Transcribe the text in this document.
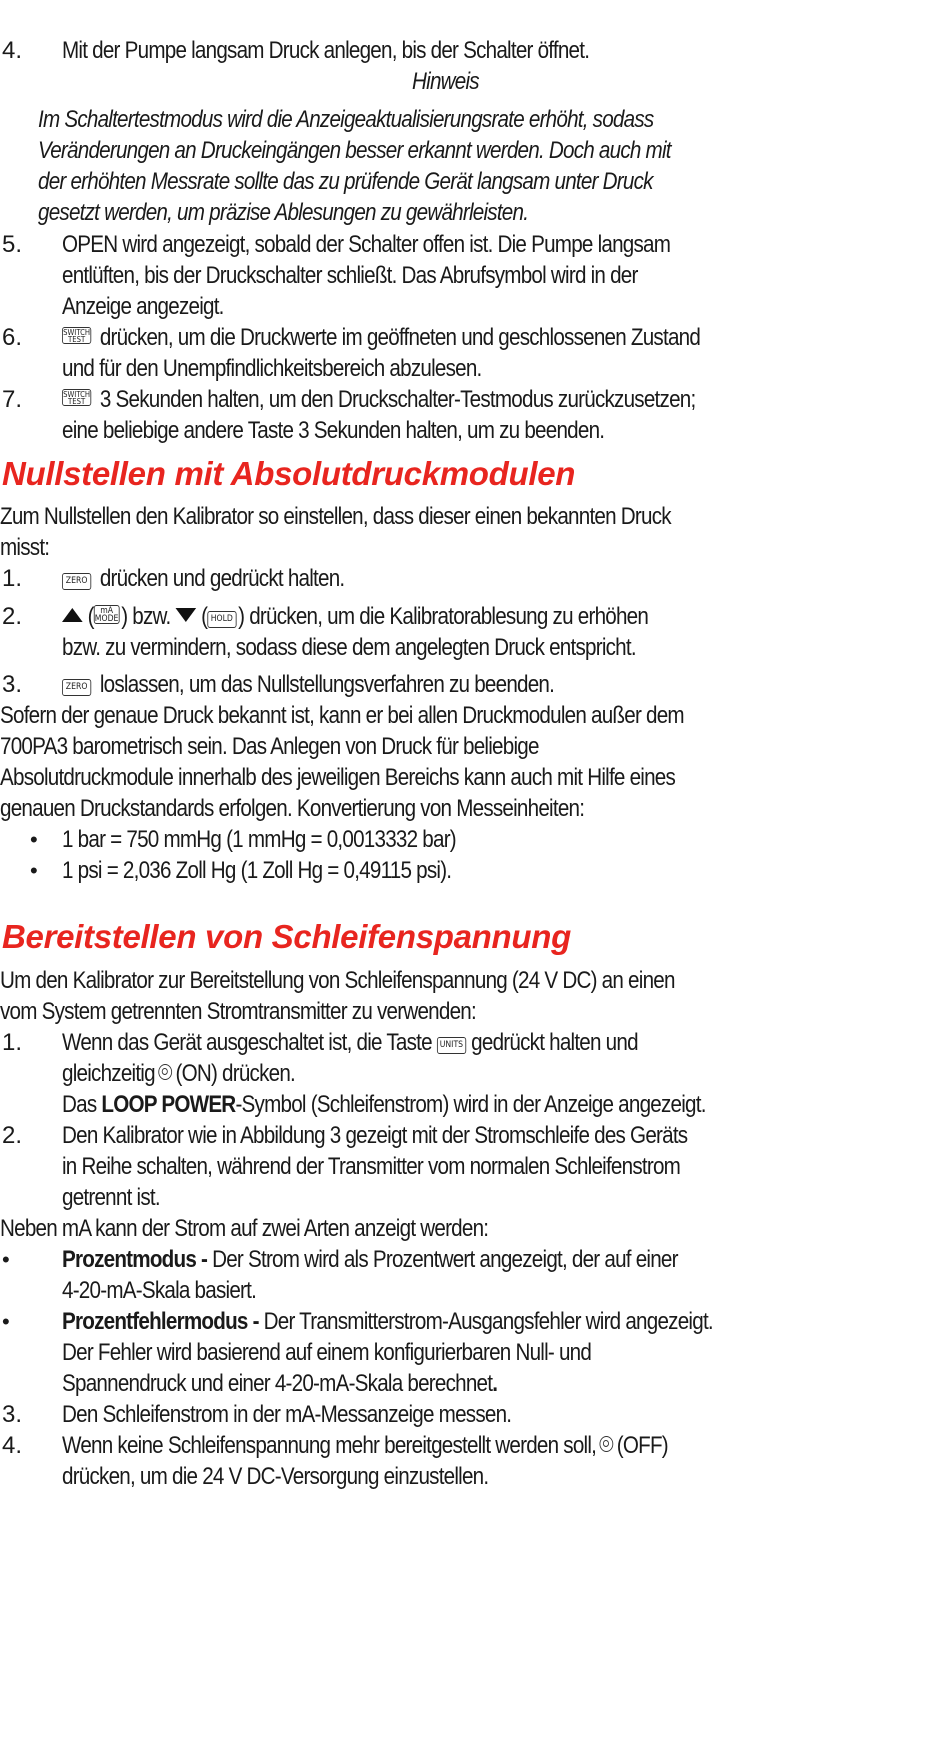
4. Mit der Pumpe langsam Druck anlegen, bis der Schalter öffnet.
Hinweis
Im Schaltertestmodus wird die Anzeigeaktualisierungsrate erhöht, sodass
Veränderungen an Druckeingängen besser erkannt werden. Doch auch mit
der erhöhten Messrate sollte das zu prüfende Gerät langsam unter Druck
gesetzt werden, um präzise Ablesungen zu gewährleisten.
5. OPEN wird angezeigt, sobald der Schalter offen ist. Die Pumpe langsam
entlüften, bis der Druckschalter schließt. Das Abrufsymbol wird in der
Anzeige angezeigt.
6.	SWITCH
TEST drücken, um die Druckwerte im geöffneten und geschlossenen Zustand
und für den Unempfindlichkeitsbereich abzulesen.
7.	SWITCH
TEST 3 Sekunden halten, um den Druckschalter-Testmodus zurückzusetzen;
eine beliebige andere Taste 3 Sekunden halten, um zu beenden.
Nullstellen mit Absolutdruckmodulen
Zum Nullstellen den Kalibrator so einstellen, dass dieser einen bekannten Druck
misst:
1.	ZERO drücken und gedrückt halten.
2.	( mA
MODE ) bzw. ( HOLD ) drücken, um die Kalibratorablesung zu erhöhen
bzw. zu vermindern, sodass diese dem angelegten Druck entspricht.
3.	ZERO loslassen, um das Nullstellungsverfahren zu beenden.
Sofern der genaue Druck bekannt ist, kann er bei allen Druckmodulen außer dem
700PA3 barometrisch sein. Das Anlegen von Druck für beliebige
Absolutdruckmodule innerhalb des jeweiligen Bereichs kann auch mit Hilfe eines
genauen Druckstandards erfolgen. Konvertierung von Messeinheiten:
• 1 bar = 750 mmHg (1 mmHg = 0,0013332 bar)
• 1 psi = 2,036 Zoll Hg (1 Zoll Hg = 0,49115 psi).
Bereitstellen von Schleifenspannung
Um den Kalibrator zur Bereitstellung von Schleifenspannung (24 V DC) an einen
vom System getrennten Stromtransmitter zu verwenden:
1. Wenn das Gerät ausgeschaltet ist, die Taste UNITS gedrückt halten und
gleichzeitig (ON) drücken.
Das LOOP POWER-Symbol (Schleifenstrom) wird in der Anzeige angezeigt.
2. Den Kalibrator wie in Abbildung 3 gezeigt mit der Stromschleife des Geräts
in Reihe schalten, während der Transmitter vom normalen Schleifenstrom
getrennt ist.
Neben mA kann der Strom auf zwei Arten anzeigt werden:
• Prozentmodus - Der Strom wird als Prozentwert angezeigt, der auf einer
4-20-mA-Skala basiert.
• Prozentfehlermodus - Der Transmitterstrom-Ausgangsfehler wird angezeigt.
Der Fehler wird basierend auf einem konfigurierbaren Null- und
Spannendruck und einer 4-20-mA-Skala berechnet.
3. Den Schleifenstrom in der mA-Messanzeige messen.
4. Wenn keine Schleifenspannung mehr bereitgestellt werden soll, (OFF)
drücken, um die 24 V DC-Versorgung einzustellen.
